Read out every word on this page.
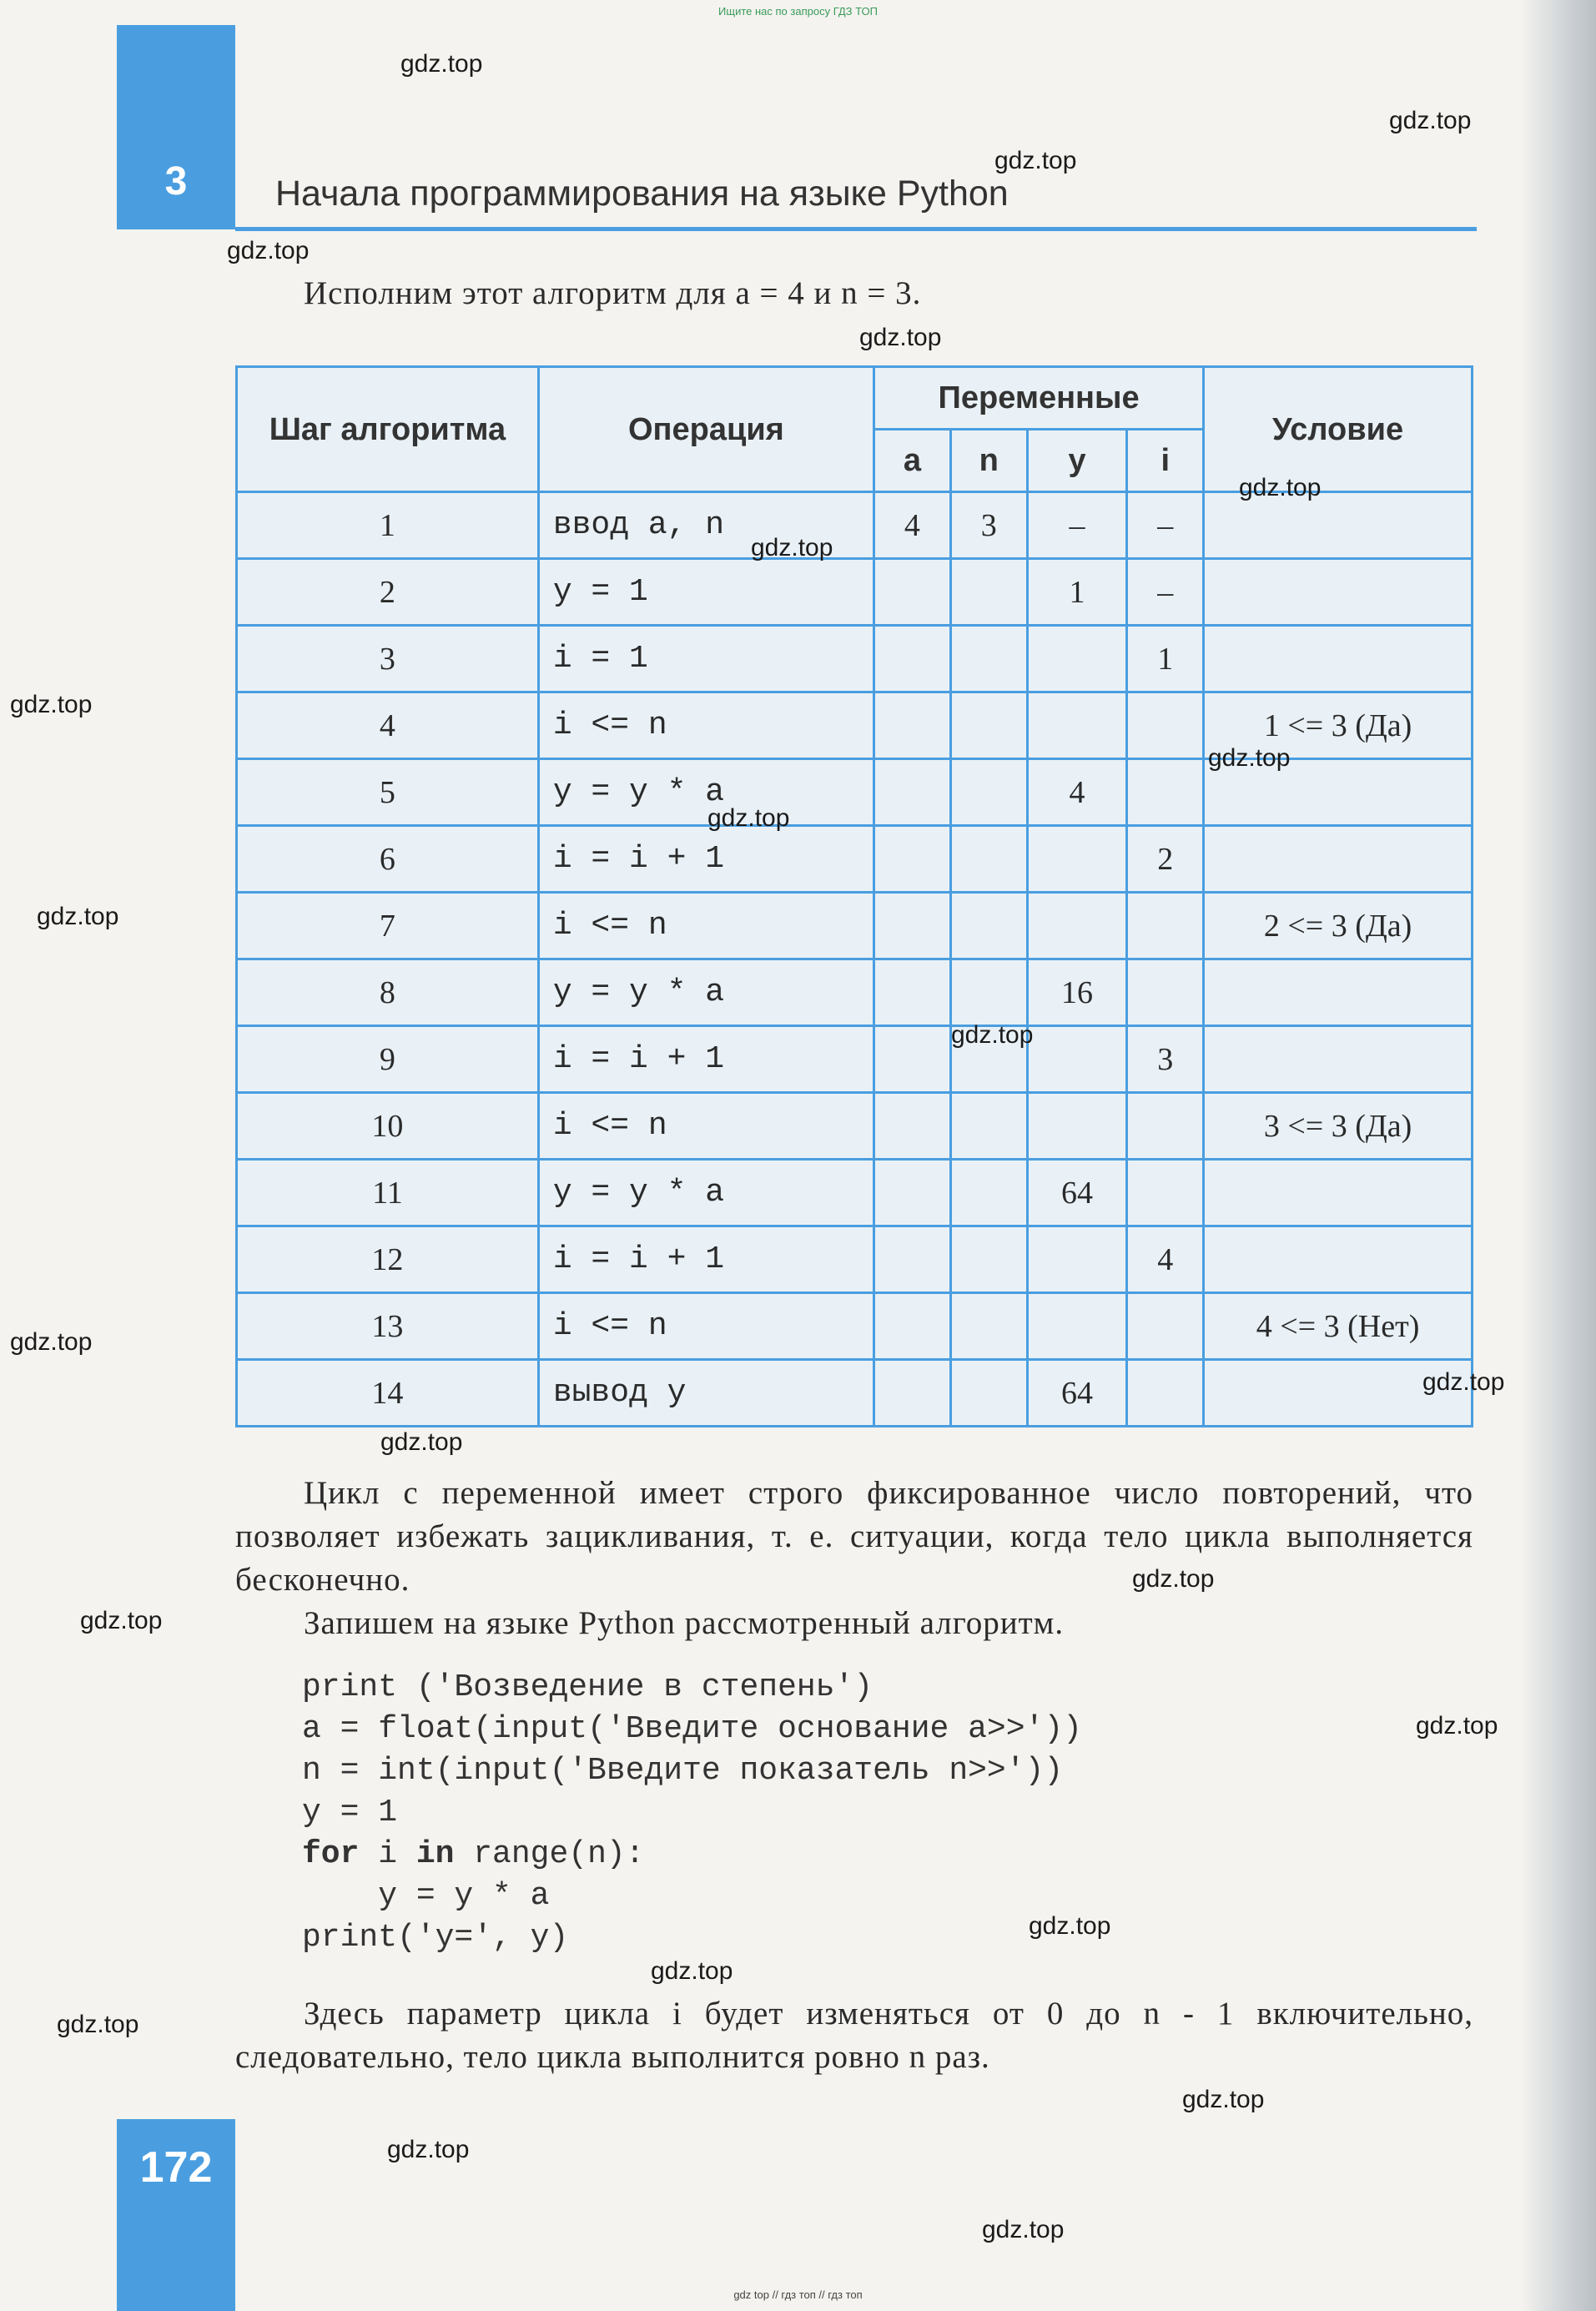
Ищите нас по запросу ГДЗ ТОП
3	Начала программирования на языке Python
Исполним этот алгоритм для a = 4 и n = 3.
Шаг алгоритма	Операция	Переменные				Условие
		a	n	y	i	
1	ввод a, n	4	3	–	–	
2	y = 1			1	–	
3	i = 1				1	
4	i <= n					1 <= 3 (Да)
5	y = y * a			4		
6	i = i + 1				2	
7	i <= n					2 <= 3 (Да)
8	y = y * a			16		
9	i = i + 1				3	
10	i <= n					3 <= 3 (Да)
11	y = y * a			64		
12	i = i + 1				4	
13	i <= n					4 <= 3 (Нет)
14	вывод y			64		
Цикл с переменной имеет строго фиксированное число повторений, что позволяет избежать зацикливания, т. е. ситуации, когда тело цикла выполняется бесконечно.
Запишем на языке Python рассмотренный алгоритм.
print ('Возведение в степень')
a = float(input('Введите основание a>>'))
n = int(input('Введите показатель n>>'))
y = 1
for i in range(n):
y = y * a
print('y=', y)
Здесь параметр цикла i будет изменяться от 0 до n - 1 включительно, следовательно, тело цикла выполнится ровно n раз.
172
gdz top // гдз топ // гдз топ
gdz.top
gdz.top
gdz.top
gdz.top
gdz.top
gdz.top
gdz.top
gdz.top
gdz.top
gdz.top
gdz.top
gdz.top
gdz.top
gdz.top
gdz.top
gdz.top
gdz.top
gdz.top
gdz.top
gdz.top
gdz.top
gdz.top
gdz.top
gdz.top
